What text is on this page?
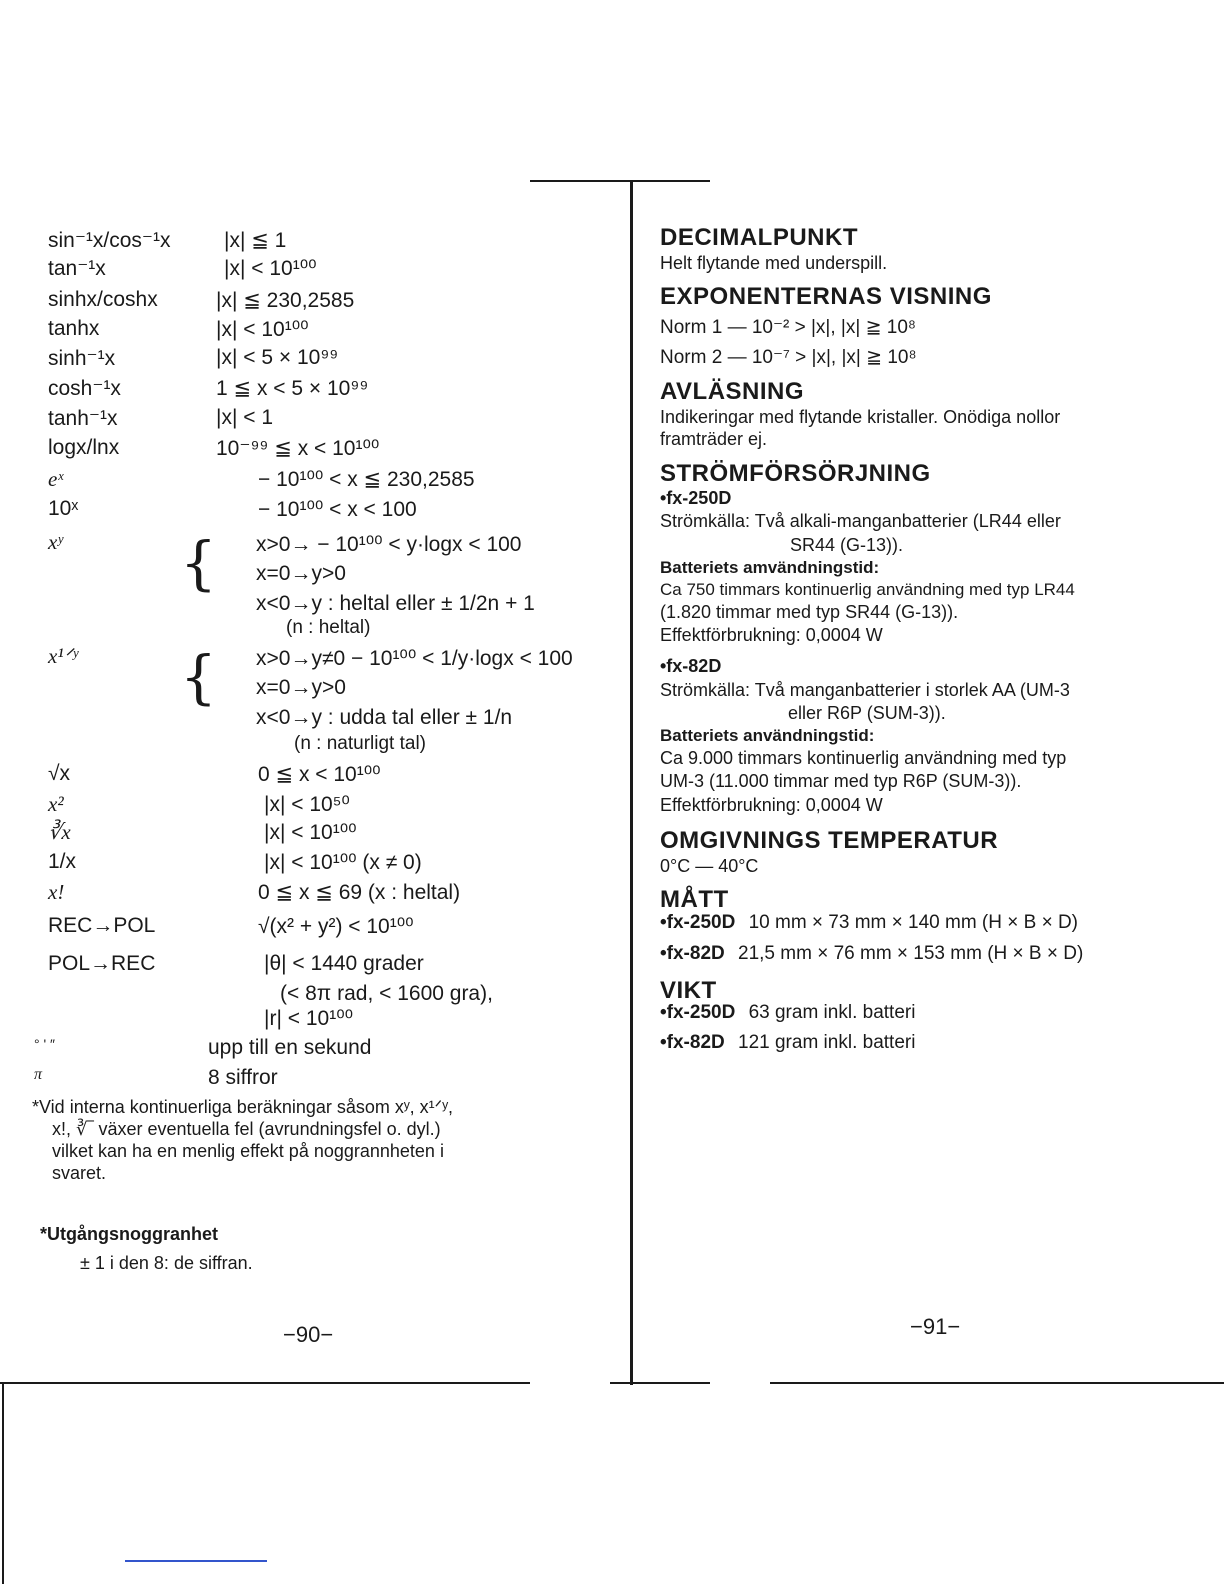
sin⁻¹x/cos⁻¹x	|x| ≦ 1
tan⁻¹x	|x| < 10¹⁰⁰
sinhx/coshx	|x| ≦ 230,2585
tanhx	|x| < 10¹⁰⁰
sinh⁻¹x	|x| < 5 × 10⁹⁹
cosh⁻¹x	1 ≦ x < 5 × 10⁹⁹
tanh⁻¹x	|x| < 1
logx/lnx	10⁻⁹⁹ ≦ x < 10¹⁰⁰
eˣ	− 10¹⁰⁰ < x ≦ 230,2585
10ˣ	− 10¹⁰⁰ < x < 100
xʸ { x>0→ − 10¹⁰⁰ < y·logx < 100
x=0→y>0
x<0→y : heltal eller ± 1/2n + 1
(n : heltal)
x¹ᐟʸ { x>0→y≠0 − 10¹⁰⁰ < 1/y·logx < 100
x=0→y>0
x<0→y : udda tal eller ± 1/n
(n : naturligt tal)
√x	0 ≦ x < 10¹⁰⁰
x²	|x| < 10⁵⁰
∛x	|x| < 10¹⁰⁰
1/x	|x| < 10¹⁰⁰ (x ≠ 0)
x!	0 ≦ x ≦ 69 (x : heltal)
REC→POL	√(x² + y²) < 10¹⁰⁰
POL→REC	|θ| < 1440 grader
(< 8π rad, < 1600 gra),
|r| < 10¹⁰⁰
° ' ″	upp till en sekund
π	8 siffror
*Vid interna kontinuerliga beräkningar såsom xʸ, x¹ᐟʸ,
x!, ∛‾ växer eventuella fel (avrundningsfel o. dyl.)
vilket kan ha en menlig effekt på noggrannheten i
svaret.
*Utgångsnoggranhet
± 1 i den 8: de siffran.
−90−
DECIMALPUNKT
Helt flytande med underspill.
EXPONENTERNAS VISNING
Norm 1 — 10⁻² > |x|, |x| ≧ 10⁸
Norm 2 — 10⁻⁷ > |x|, |x| ≧ 10⁸
AVLÄSNING
Indikeringar med flytande kristaller. Onödiga nollor
framträder ej.
STRÖMFÖRSÖRJNING
•fx-250D
Strömkälla: Två alkali-manganbatterier (LR44 eller
SR44 (G-13)).
Batteriets amvändningstid:
Ca 750 timmars kontinuerlig användning med typ LR44
(1.820 timmar med typ SR44 (G-13)).
Effektförbrukning: 0,0004 W
•fx-82D
Strömkälla: Två manganbatterier i storlek AA (UM-3
eller R6P (SUM-3)).
Batteriets användningstid:
Ca 9.000 timmars kontinuerlig användning med typ
UM-3 (11.000 timmar med typ R6P (SUM-3)).
Effektförbrukning: 0,0004 W
OMGIVNINGS TEMPERATUR
0°C — 40°C
MÅTT
•fx-250D 10 mm × 73 mm × 140 mm (H × B × D)
•fx-82D 21,5 mm × 76 mm × 153 mm (H × B × D)
VIKT
•fx-250D 63 gram inkl. batteri
•fx-82D 121 gram inkl. batteri
−91−
